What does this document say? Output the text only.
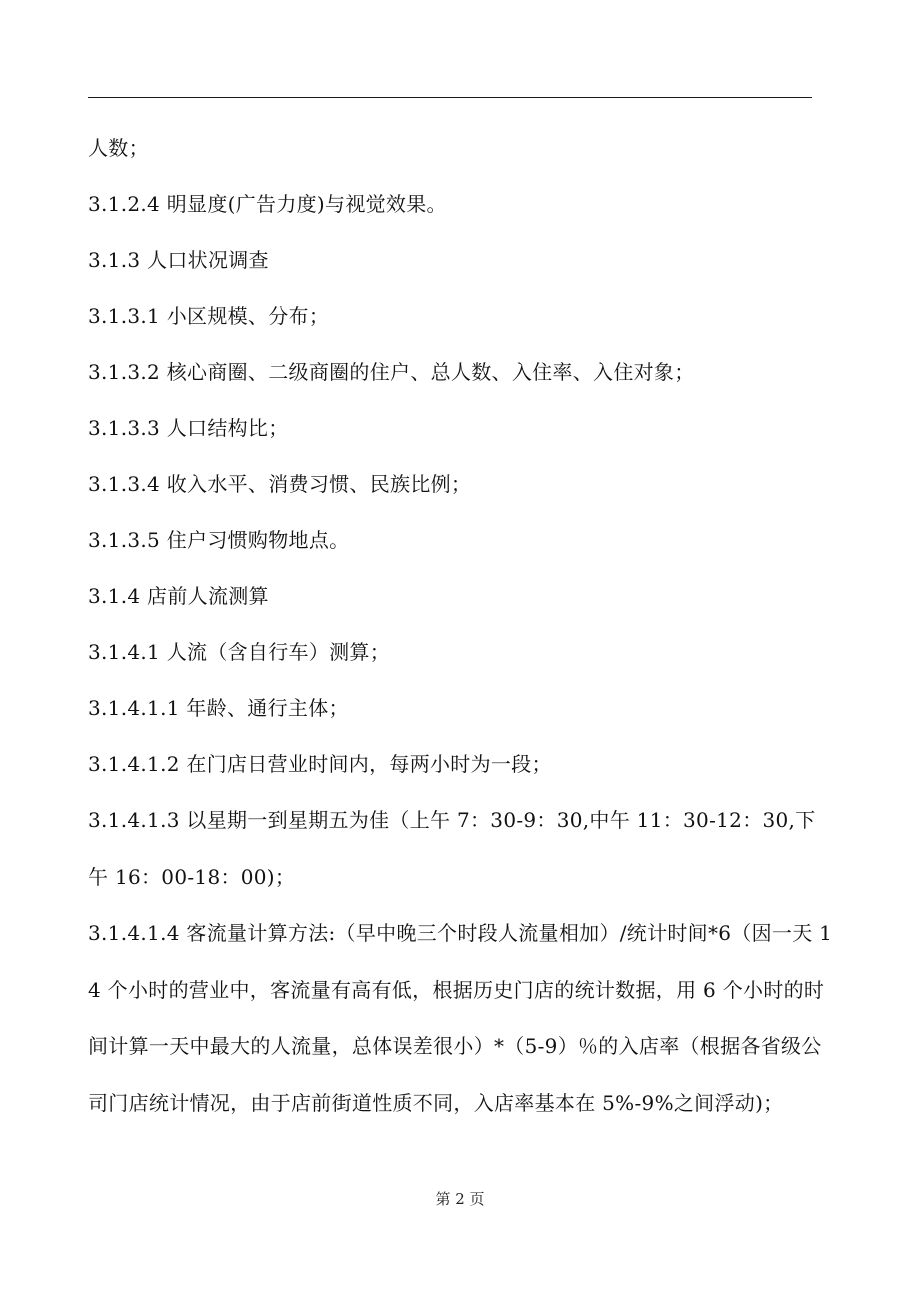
人数；

3.1.2.4 明显度(广告力度)与视觉效果。

3.1.3 人口状况调查

3.1.3.1 小区规模、分布；

3.1.3.2 核心商圈、二级商圈的住户、总人数、入住率、入住对象；

3.1.3.3 人口结构比；

3.1.3.4 收入水平、消费习惯、民族比例；

3.1.3.5 住户习惯购物地点。

3.1.4 店前人流测算

3.1.4.1 人流（含自行车）测算；

3.1.4.1.1 年龄、通行主体；

3.1.4.1.2 在门店日营业时间内，每两小时为一段；

3.1.4.1.3 以星期一到星期五为佳（上午 7：30-9：30,中午 11：30-12：30,下午 16：00-18：00)；

3.1.4.1.4 客流量计算方法:（早中晚三个时段人流量相加）/统计时间*6（因一天 14 个小时的营业中，客流量有高有低，根据历史门店的统计数据，用 6 个小时的时间计算一天中最大的人流量，总体误差很小）*（5-9）％的入店率（根据各省级公司门店统计情况，由于店前街道性质不同，入店率基本在 5%-9%之间浮动)；

第 2 页
